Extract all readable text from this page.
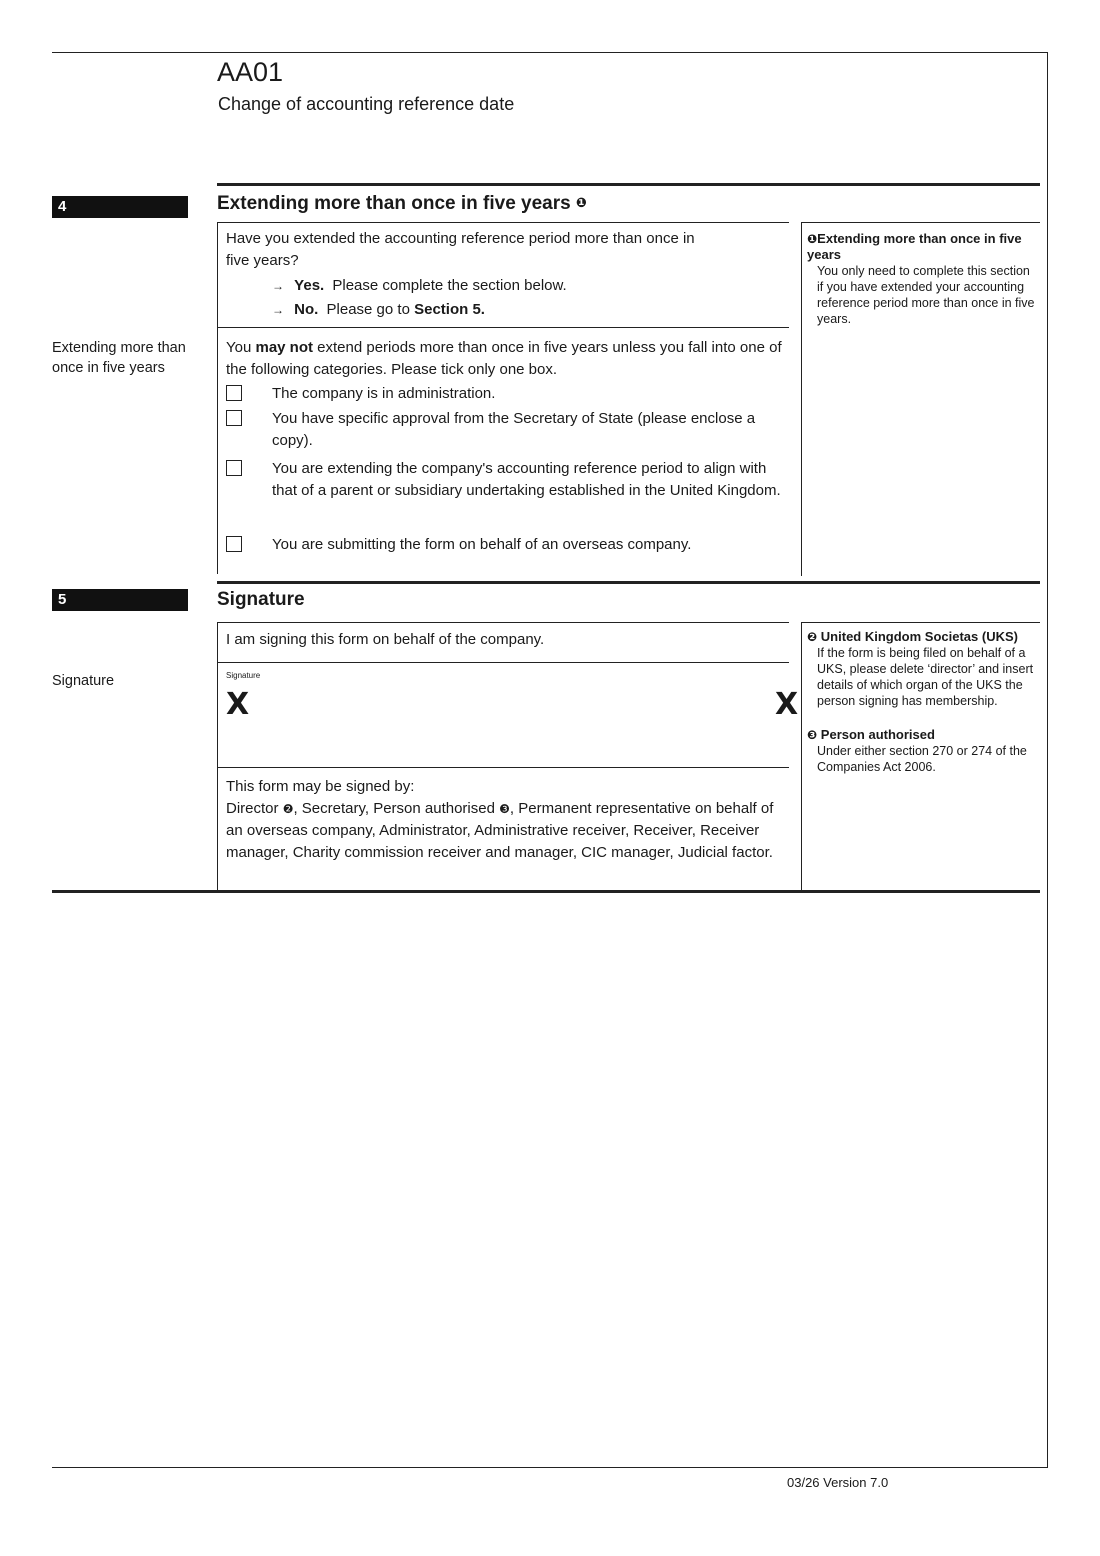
AA01
Change of accounting reference date
4	Extending more than once in five years ❶
Have you extended the accounting reference period more than once in
five years?
→ Yes. Please complete the section below.
→ No. Please go to Section 5.
Extending more than once in five years
You may not extend periods more than once in five years unless you fall into one of the following categories. Please tick only one box.
The company is in administration.
You have specific approval from the Secretary of State (please enclose a copy).
You are extending the company's accounting reference period to align with that of a parent or subsidiary undertaking established in the United Kingdom.
You are submitting the form on behalf of an overseas company.
❶Extending more than once in five years
You only need to complete this section if you have extended your accounting reference period more than once in five years.
5	Signature
I am signing this form on behalf of the company.
Signature	Signature
X	X
This form may be signed by:
Director ❷, Secretary, Person authorised ❸, Permanent representative on behalf of an overseas company, Administrator, Administrative receiver, Receiver, Receiver manager, Charity commission receiver and manager, CIC manager, Judicial factor.
❷ United Kingdom Societas (UKS)
If the form is being filed on behalf of a UKS, please delete ‘director’ and insert details of which organ of the UKS the person signing has membership.
❸ Person authorised
Under either section 270 or 274 of the Companies Act 2006.
03/26 Version 7.0
